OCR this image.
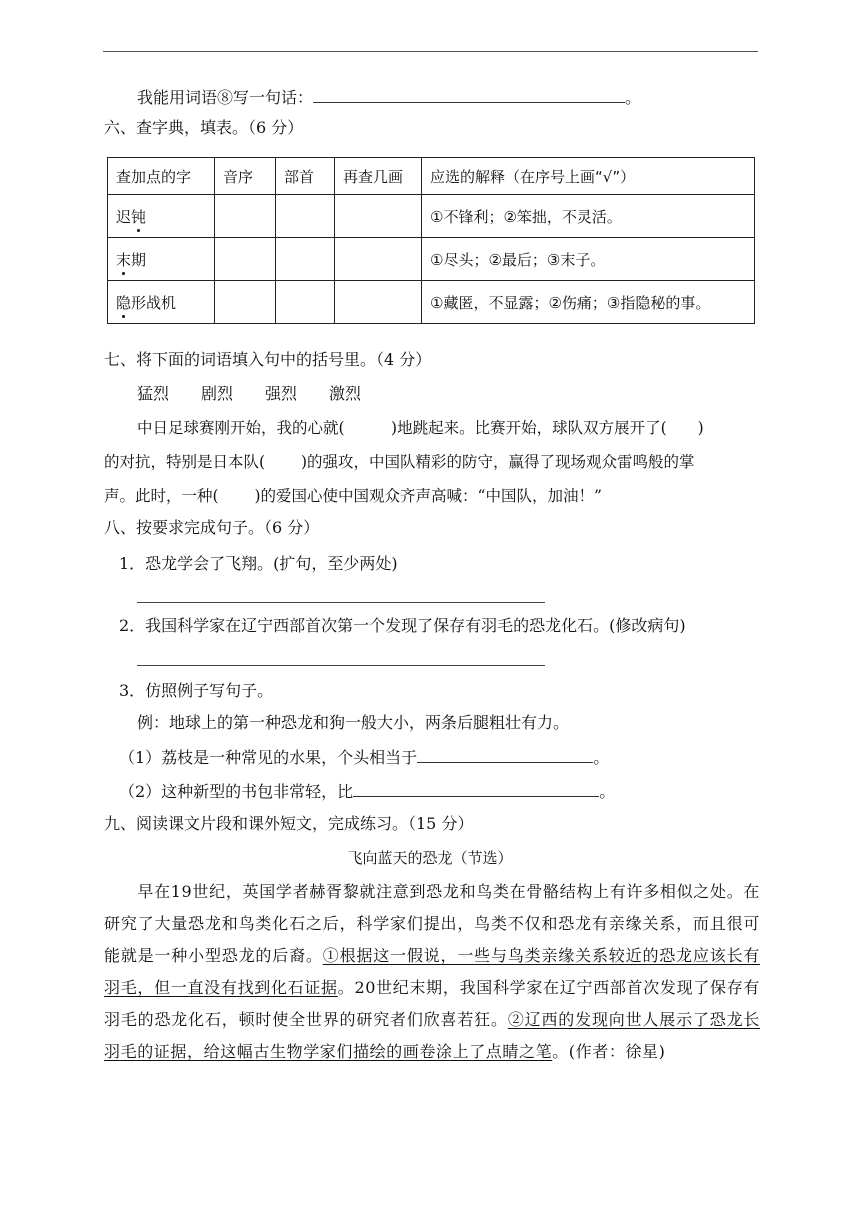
我能用词语⑧写一句话：	。
六、查字典，填表。（6 分）
查加点的字	音序	部首	再查几画	应选的解释（在序号上画“√”）
迟钝				①不锋利；②笨拙，不灵活。
末期				①尽头；②最后；③末子。
隐形战机				①藏匿，不显露；②伤痛；③指隐秘的事。
七、将下面的词语填入句中的括号里。（4 分）
猛烈　　剧烈　　强烈　　激烈
中日足球赛刚开始，我的心就(　　　)地跳起来。比赛开始，球队双方展开了(　　)
的对抗，特别是日本队(　　 )的强攻，中国队精彩的防守，赢得了现场观众雷鸣般的掌
声。此时，一种(　　 )的爱国心使中国观众齐声高喊：“中国队，加油！”
八、按要求完成句子。（6 分）
1．恐龙学会了飞翔。(扩句，至少两处)
2．我国科学家在辽宁西部首次第一个发现了保存有羽毛的恐龙化石。(修改病句)
3．仿照例子写句子。
例：地球上的第一种恐龙和狗一般大小，两条后腿粗壮有力。
（1）荔枝是一种常见的水果，个头相当于	。
（2）这种新型的书包非常轻，比	。
九、阅读课文片段和课外短文，完成练习。（15 分）
飞向蓝天的恐龙（节选）
　　早在19世纪，英国学者赫胥黎就注意到恐龙和鸟类在骨骼结构上有许多相似之处。在研究了大量恐龙和鸟类化石之后，科学家们提出，鸟类不仅和恐龙有亲缘关系，而且很可能就是一种小型恐龙的后裔。①根据这一假说，一些与鸟类亲缘关系较近的恐龙应该长有羽毛，但一直没有找到化石证据。20世纪末期，我国科学家在辽宁西部首次发现了保存有羽毛的恐龙化石，顿时使全世界的研究者们欣喜若狂。②辽西的发现向世人展示了恐龙长羽毛的证据，给这幅古生物学家们描绘的画卷涂上了点睛之笔。(作者：徐星)
